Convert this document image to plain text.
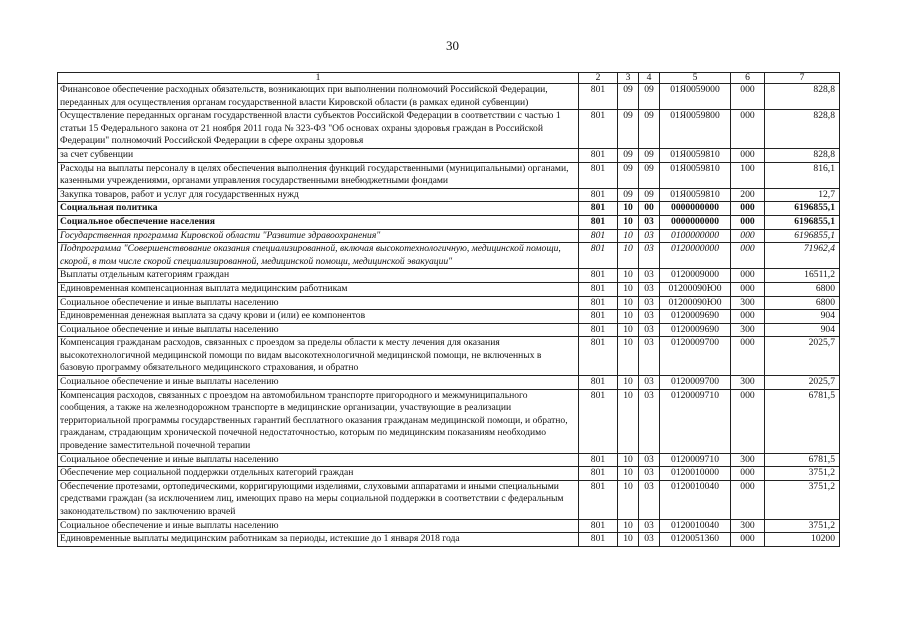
30
1	2	3	4	5	6	7
Финансовое обеспечение расходных обязательств, возникающих при выполнении полномочий Российской Федерации, переданных для осуществления органам государственной власти Кировской области (в рамках единой субвенции)	801	09	09	01Я0059000	000	828,8
Осуществление переданных органам государственной власти субъектов Российской Федерации в соответствии с частью 1 статьи 15 Федерального закона от 21 ноября 2011 года № 323-ФЗ "Об основах охраны здоровья граждан в Российской Федерации" полномочий Российской Федерации в сфере охраны здоровья	801	09	09	01Я0059800	000	828,8
за счет субвенции	801	09	09	01Я0059810	000	828,8
Расходы на выплаты персоналу в целях обеспечения выполнения функций государственными (муниципальными) органами, казенными учреждениями, органами управления государственными внебюджетными фондами	801	09	09	01Я0059810	100	816,1
Закупка товаров, работ и услуг для государственных нужд	801	09	09	01Я0059810	200	12,7
Социальная политика	801	10	00	0000000000	000	6196855,1
Социальное обеспечение населения	801	10	03	0000000000	000	6196855,1
Государственная программа Кировской области "Развитие здравоохранения"	801	10	03	0100000000	000	6196855,1
Подпрограмма "Совершенствование оказания специализированной, включая высокотехнологичную, медицинской помощи, скорой, в том числе скорой специализированной, медицинской помощи, медицинской эвакуации"	801	10	03	0120000000	000	71962,4
Выплаты отдельным категориям граждан	801	10	03	0120009000	000	16511,2
Единовременная компенсационная выплата медицинским работникам	801	10	03	01200090Ю0	000	6800
Социальное обеспечение и иные выплаты населению	801	10	03	01200090Ю0	300	6800
Единовременная денежная выплата за сдачу крови и (или) ее компонентов	801	10	03	0120009690	000	904
Социальное обеспечение и иные выплаты населению	801	10	03	0120009690	300	904
Компенсация гражданам расходов, связанных с проездом за пределы области к месту лечения для оказания высокотехнологичной медицинской помощи по видам высокотехнологичной медицинской помощи, не включенных в базовую программу обязательного медицинского страхования, и обратно	801	10	03	0120009700	000	2025,7
Социальное обеспечение и иные выплаты населению	801	10	03	0120009700	300	2025,7
Компенсация расходов, связанных с проездом на автомобильном транспорте пригородного и межмуниципального сообщения, а также на железнодорожном транспорте в медицинские организации, участвующие в реализации территориальной программы государственных гарантий бесплатного оказания гражданам медицинской помощи, и обратно, гражданам, страдающим хронической почечной недостаточностью, которым по медицинским показаниям необходимо проведение заместительной почечной терапии	801	10	03	0120009710	000	6781,5
Социальное обеспечение и иные выплаты населению	801	10	03	0120009710	300	6781,5
Обеспечение мер социальной поддержки отдельных категорий граждан	801	10	03	0120010000	000	3751,2
Обеспечение протезами, ортопедическими, корригирующими изделиями, слуховыми аппаратами и иными специальными средствами граждан (за исключением лиц, имеющих право на меры социальной поддержки в соответствии с федеральным законодательством) по заключению врачей	801	10	03	0120010040	000	3751,2
Социальное обеспечение и иные выплаты населению	801	10	03	0120010040	300	3751,2
Единовременные выплаты медицинским работникам за периоды, истекшие до 1 января 2018 года	801	10	03	0120051360	000	10200
